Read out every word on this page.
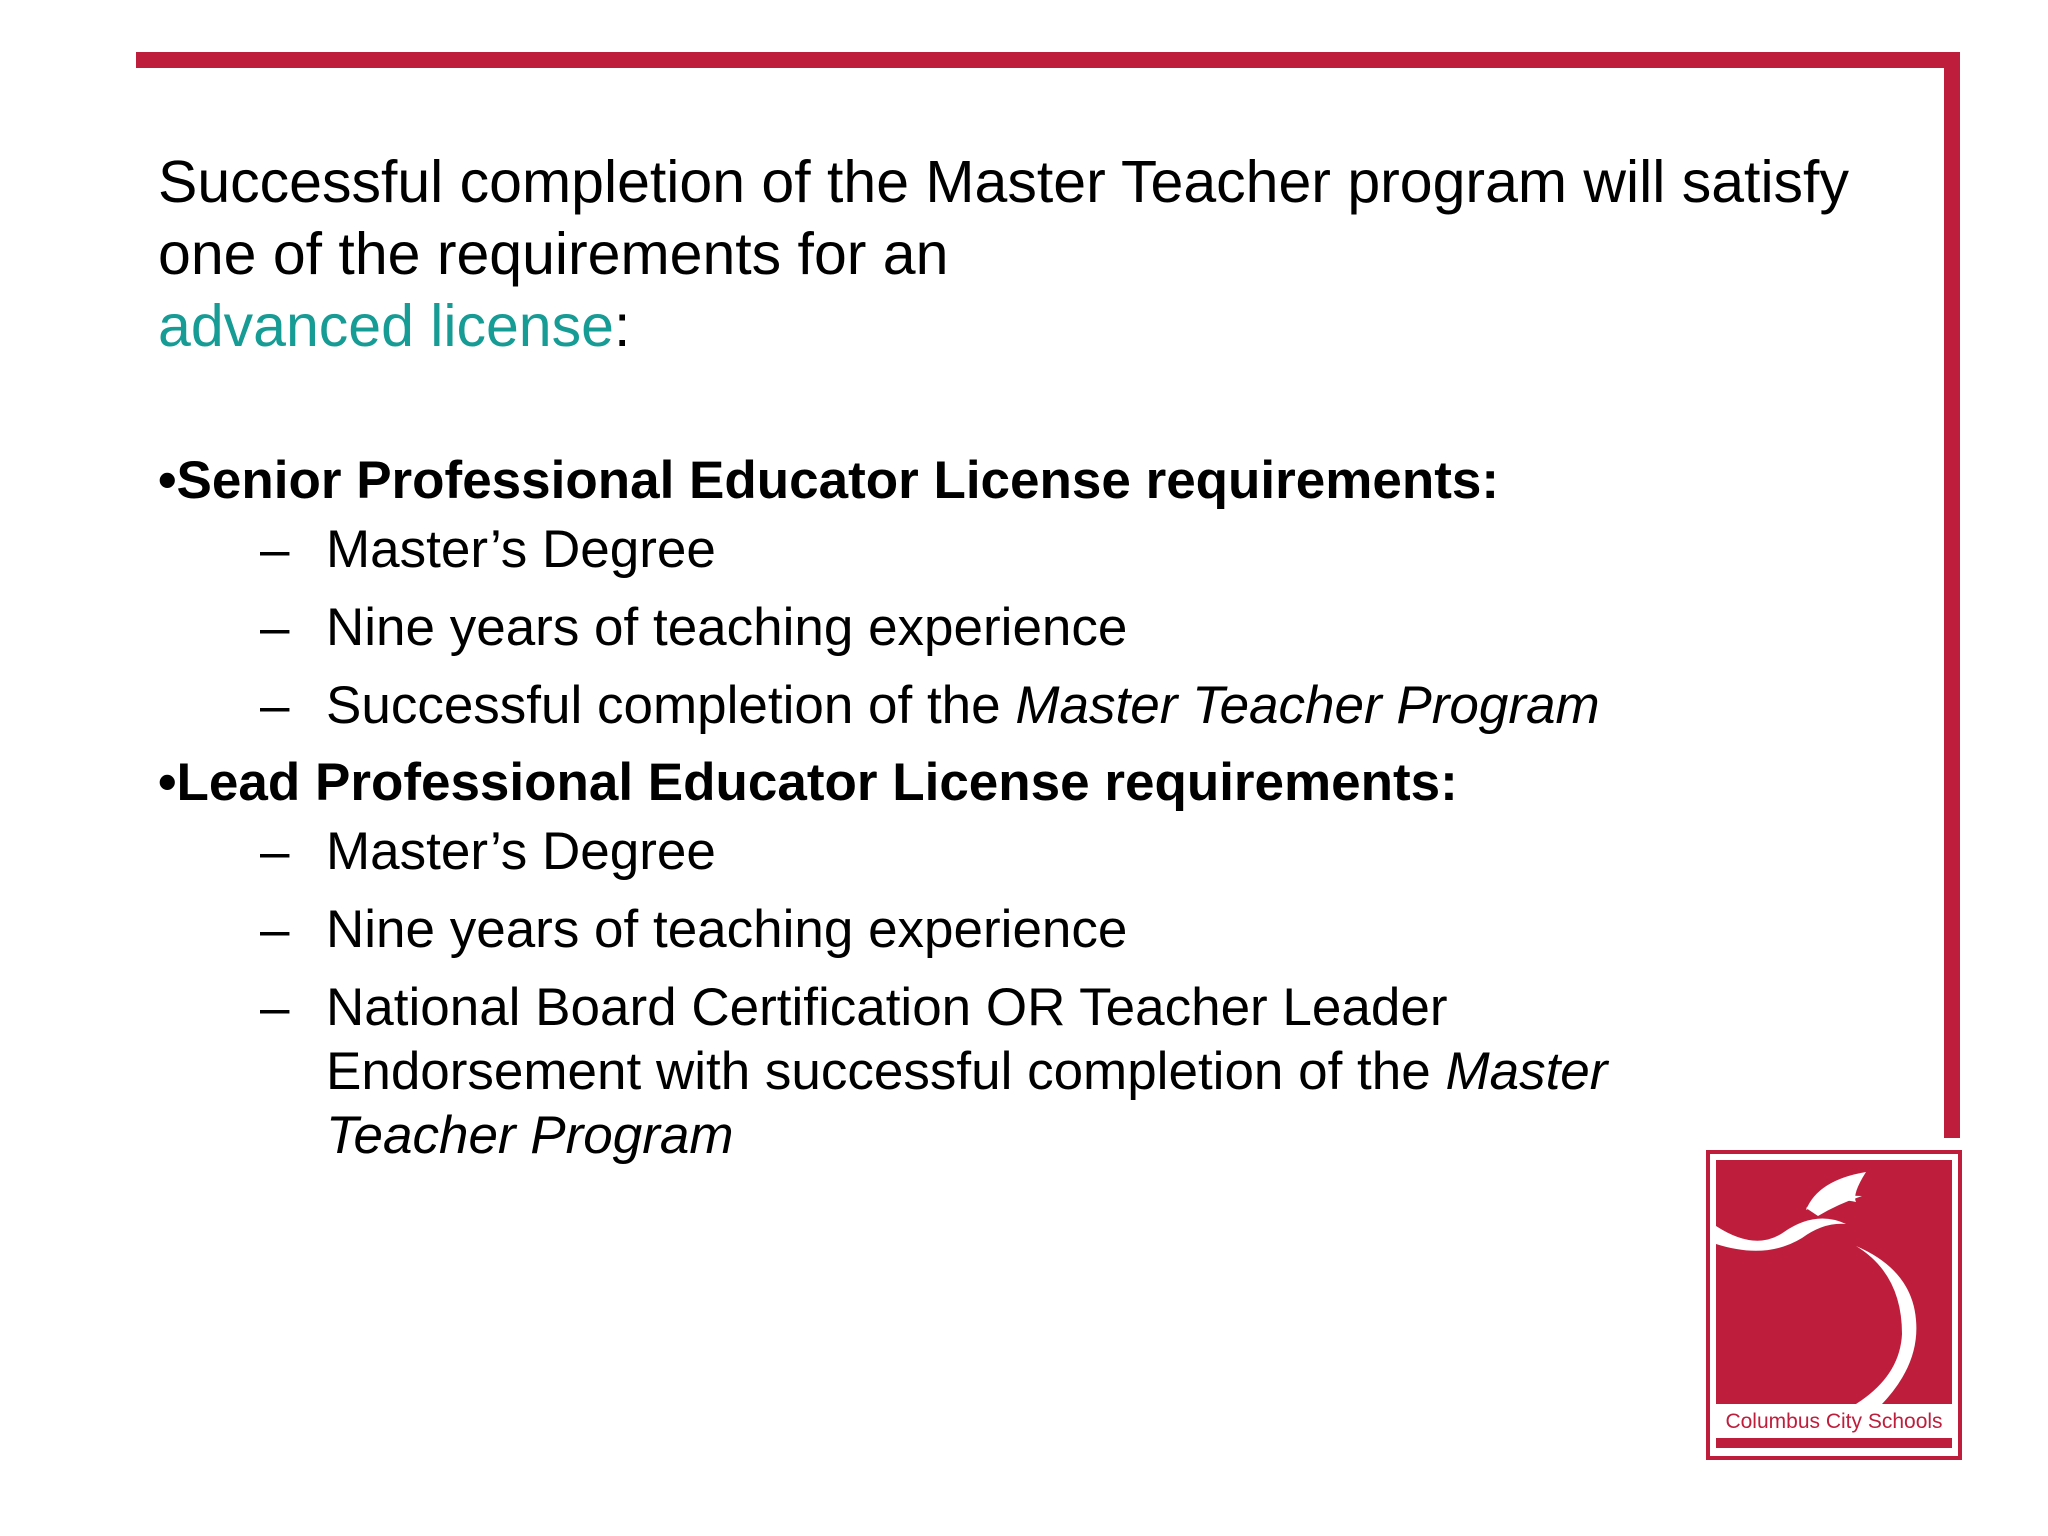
Successful completion of the Master Teacher program will satisfy one of the requirements for an
advanced license:

•Senior Professional Educator License requirements:

– Master’s Degree

– Nine years of teaching experience

– Successful completion of the Master Teacher Program

•Lead Professional Educator License requirements:

– Master’s Degree

– Nine years of teaching experience

– National Board Certification OR Teacher Leader Endorsement with successful completion of the Master Teacher Program

Columbus City Schools
